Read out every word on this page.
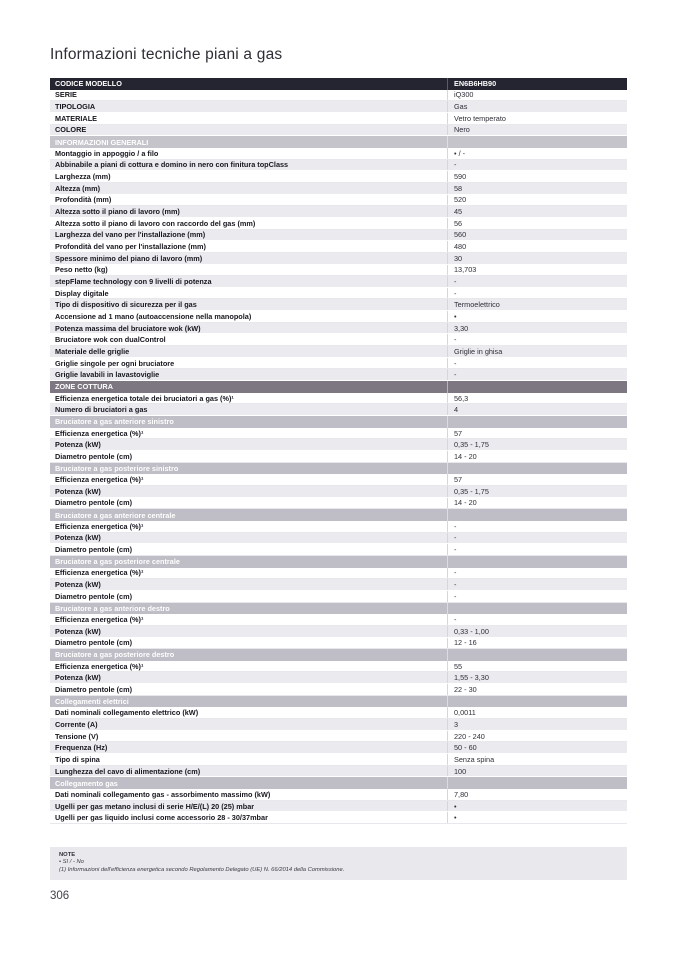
Informazioni tecniche piani a gas
CODICE MODELLO	EN6B6HB90
SERIE	iQ300
TIPOLOGIA	Gas
MATERIALE	Vetro temperato
COLORE	Nero
INFORMAZIONI GENERALI
Montaggio in appoggio / a filo	• / -
Abbinabile a piani di cottura e domino in nero con finitura topClass	-
Larghezza (mm)	590
Altezza (mm)	58
Profondità (mm)	520
Altezza sotto il piano di lavoro (mm)	45
Altezza sotto il piano di lavoro con raccordo del gas (mm)	56
Larghezza del vano per l'installazione (mm)	560
Profondità del vano per l'installazione (mm)	480
Spessore minimo del piano di lavoro (mm)	30
Peso netto (kg)	13,703
stepFlame technology con 9 livelli di potenza	-
Display digitale	-
Tipo di dispositivo di sicurezza per il gas	Termoelettrico
Accensione ad 1 mano (autoaccensione nella manopola)	•
Potenza massima del bruciatore wok (kW)	3,30
Bruciatore wok con dualControl	-
Materiale delle griglie	Griglie in ghisa
Griglie singole per ogni bruciatore	-
Griglie lavabili in lavastoviglie	-
ZONE COTTURA
Efficienza energetica totale dei bruciatori a gas (%)¹	56,3
Numero di bruciatori a gas	4
Bruciatore a gas anteriore sinistro
Efficienza energetica (%)¹	57
Potenza (kW)	0,35 - 1,75
Diametro pentole (cm)	14 - 20
Bruciatore a gas posteriore sinistro
Efficienza energetica (%)¹	57
Potenza (kW)	0,35 - 1,75
Diametro pentole (cm)	14 - 20
Bruciatore a gas anteriore centrale
Efficienza energetica (%)¹	-
Potenza (kW)	-
Diametro pentole (cm)	-
Bruciatore a gas posteriore centrale
Efficienza energetica (%)¹	-
Potenza (kW)	-
Diametro pentole (cm)	-
Bruciatore a gas anteriore destro
Efficienza energetica (%)¹	-
Potenza (kW)	0,33 - 1,00
Diametro pentole (cm)	12 - 16
Bruciatore a gas posteriore destro
Efficienza energetica (%)¹	55
Potenza (kW)	1,55 - 3,30
Diametro pentole (cm)	22 - 30
Collegamenti elettrici
Dati nominali collegamento elettrico (kW)	0,0011
Corrente (A)	3
Tensione (V)	220 - 240
Frequenza (Hz)	50 - 60
Tipo di spina	Senza spina
Lunghezza del cavo di alimentazione (cm)	100
Collegamento gas
Dati nominali collegamento gas - assorbimento massimo (kW)	7,80
Ugelli per gas metano inclusi di serie H/E/(L) 20 (25) mbar	•
Ugelli per gas liquido inclusi come accessorio 28 - 30/37mbar	•
NOTE
• SI / - No
(1) Informazioni dell'efficienza energetica secondo Regolamento Delegato (UE) N. 66/2014 della Commissione.
306
